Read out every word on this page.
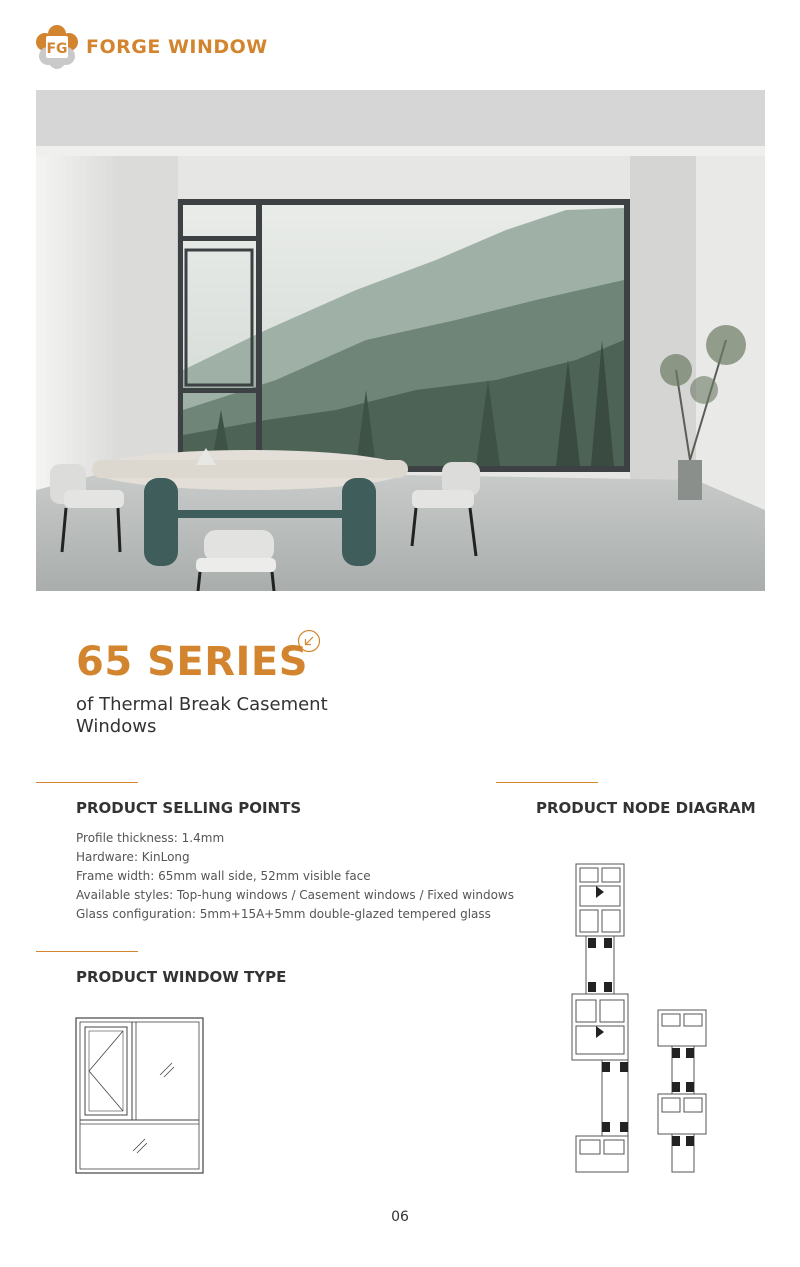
FG FORGE WINDOW
65 SERIES
of Thermal Break Casement Windows
PRODUCT SELLING POINTS	PRODUCT NODE DIAGRAM
PRODUCT WINDOW TYPE
Profile thickness: 1.4mm
Hardware: KinLong
Frame width: 65mm wall side, 52mm visible face
Available styles: Top-hung windows / Casement windows / Fixed windows
Glass configuration: 5mm+15A+5mm double-glazed tempered glass
06
